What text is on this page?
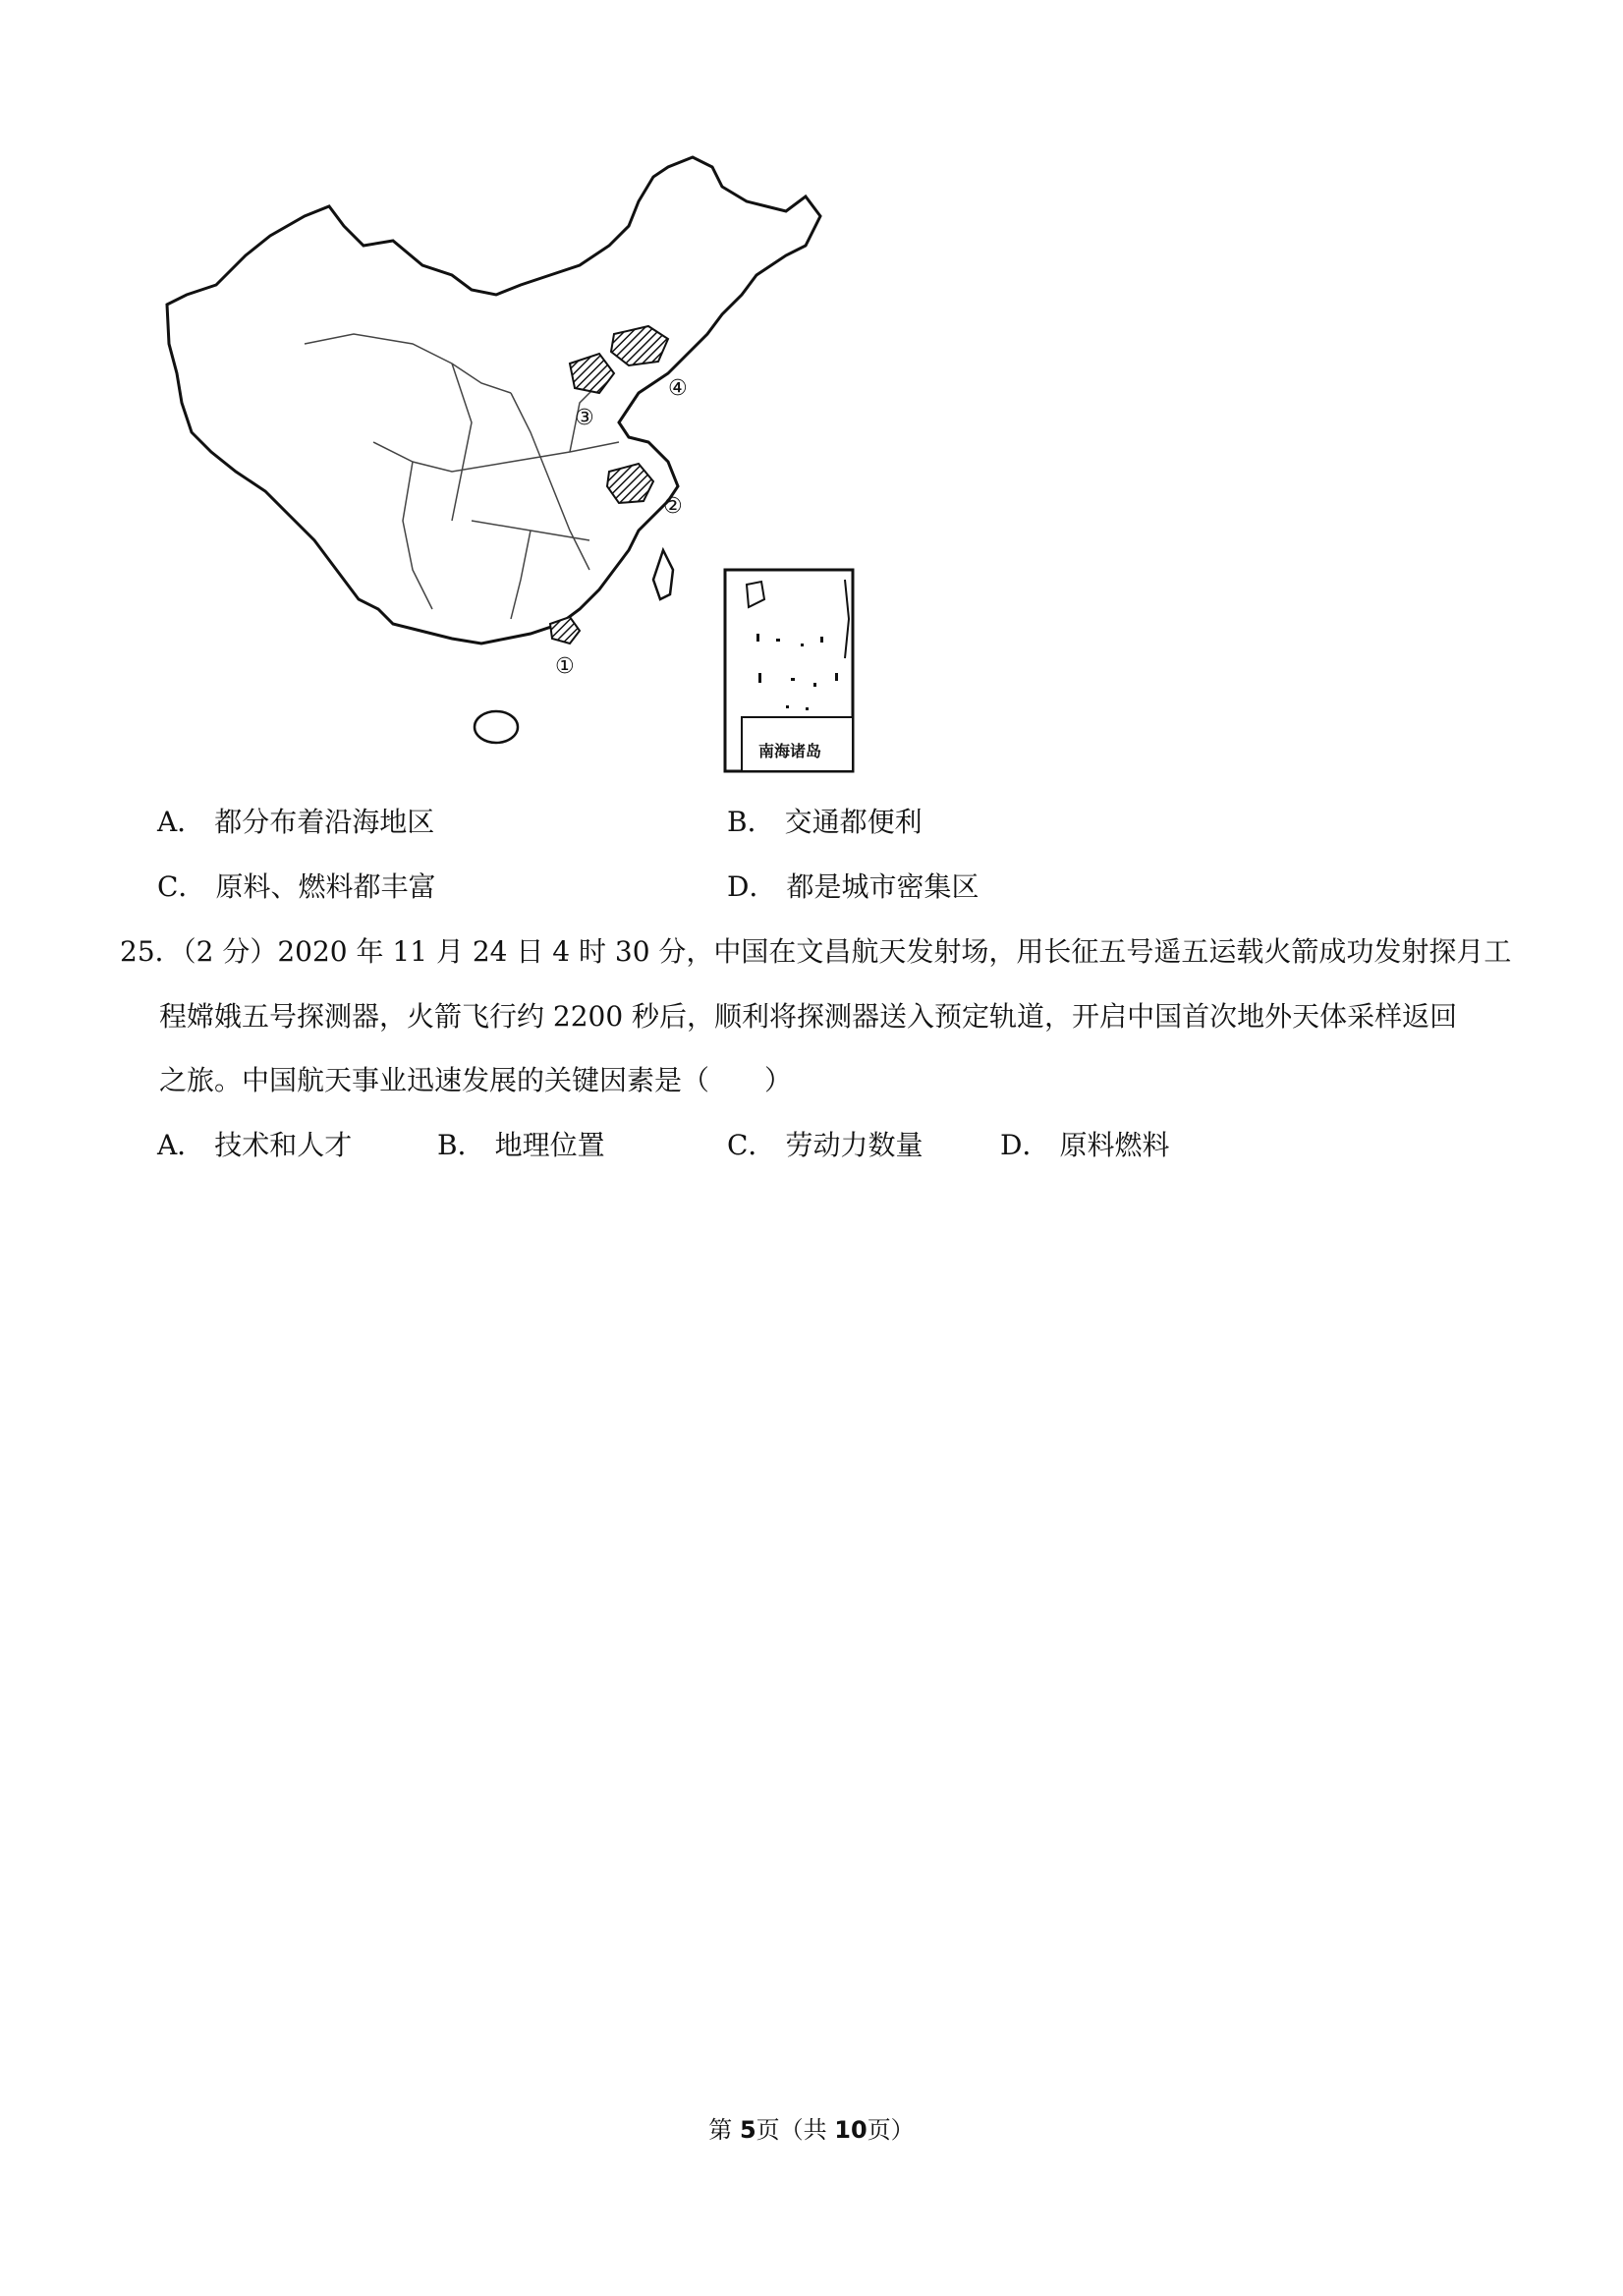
①
②
③
④
南海诸岛
A． 都分布着沿海地区	B． 交通都便利
C． 原料、燃料都丰富	D． 都是城市密集区
25．（2 分）2020 年 11 月 24 日 4 时 30 分，中国在文昌航天发射场，用长征五号遥五运载火箭成功发射探月工
程嫦娥五号探测器，火箭飞行约 2200 秒后，顺利将探测器送入预定轨道，开启中国首次地外天体采样返回
之旅。中国航天事业迅速发展的关键因素是（　　）
A． 技术和人才	B． 地理位置	C． 劳动力数量	D． 原料燃料
第 5页（共 10页）
